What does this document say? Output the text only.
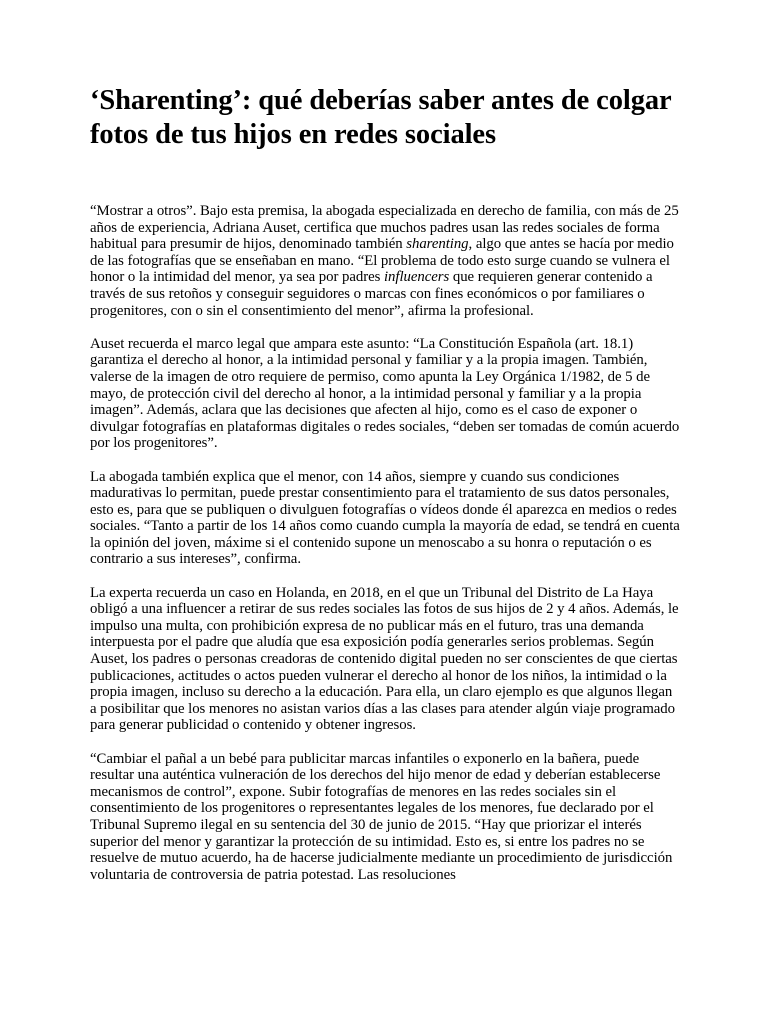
‘Sharenting’: qué deberías saber antes de colgar fotos de tus hijos en redes sociales

“Mostrar a otros”. Bajo esta premisa, la abogada especializada en derecho de familia, con más de 25 años de experiencia, Adriana Auset, certifica que muchos padres usan las redes sociales de forma habitual para presumir de hijos, denominado también sharenting, algo que antes se hacía por medio de las fotografías que se enseñaban en mano. “El problema de todo esto surge cuando se vulnera el honor o la intimidad del menor, ya sea por padres influencers que requieren generar contenido a través de sus retoños y conseguir seguidores o marcas con fines económicos o por familiares o progenitores, con o sin el consentimiento del menor”, afirma la profesional.

Auset recuerda el marco legal que ampara este asunto: “La Constitución Española (art. 18.1) garantiza el derecho al honor, a la intimidad personal y familiar y a la propia imagen. También, valerse de la imagen de otro requiere de permiso, como apunta la Ley Orgánica 1/1982, de 5 de mayo, de protección civil del derecho al honor, a la intimidad personal y familiar y a la propia imagen”. Además, aclara que las decisiones que afecten al hijo, como es el caso de exponer o divulgar fotografías en plataformas digitales o redes sociales, “deben ser tomadas de común acuerdo por los progenitores”.

La abogada también explica que el menor, con 14 años, siempre y cuando sus condiciones madurativas lo permitan, puede prestar consentimiento para el tratamiento de sus datos personales, esto es, para que se publiquen o divulguen fotografías o vídeos donde él aparezca en medios o redes sociales. “Tanto a partir de los 14 años como cuando cumpla la mayoría de edad, se tendrá en cuenta la opinión del joven, máxime si el contenido supone un menoscabo a su honra o reputación o es contrario a sus intereses”, confirma.

La experta recuerda un caso en Holanda, en 2018, en el que un Tribunal del Distrito de La Haya obligó a una influencer a retirar de sus redes sociales las fotos de sus hijos de 2 y 4 años. Además, le impulso una multa, con prohibición expresa de no publicar más en el futuro, tras una demanda interpuesta por el padre que aludía que esa exposición podía generarles serios problemas. Según Auset, los padres o personas creadoras de contenido digital pueden no ser conscientes de que ciertas publicaciones, actitudes o actos pueden vulnerar el derecho al honor de los niños, la intimidad o la propia imagen, incluso su derecho a la educación. Para ella, un claro ejemplo es que algunos llegan a posibilitar que los menores no asistan varios días a las clases para atender algún viaje programado para generar publicidad o contenido y obtener ingresos.

“Cambiar el pañal a un bebé para publicitar marcas infantiles o exponerlo en la bañera, puede resultar una auténtica vulneración de los derechos del hijo menor de edad y deberían establecerse mecanismos de control”, expone. Subir fotografías de menores en las redes sociales sin el consentimiento de los progenitores o representantes legales de los menores, fue declarado por el Tribunal Supremo ilegal en su sentencia del 30 de junio de 2015. “Hay que priorizar el interés superior del menor y garantizar la protección de su intimidad. Esto es, si entre los padres no se resuelve de mutuo acuerdo, ha de hacerse judicialmente mediante un procedimiento de jurisdicción voluntaria de controversia de patria potestad. Las resoluciones
